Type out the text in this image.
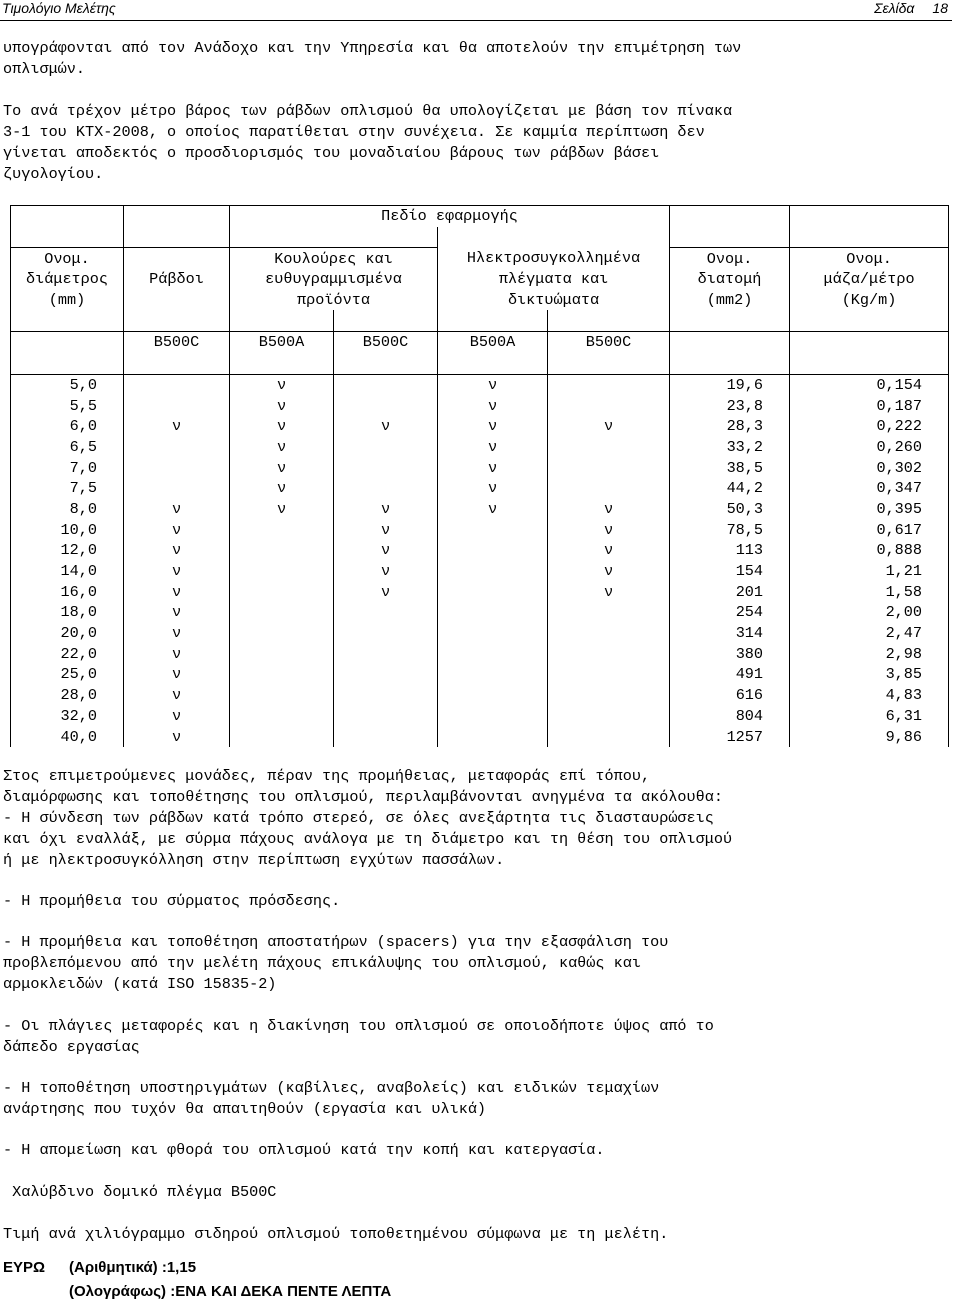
Τιμολόγιο Μελέτης	Σελίδα 18
υπογράφονται από τον Ανάδοχο και την Υπηρεσία και θα αποτελούν την επιμέτρηση των
οπλισμών.
Το ανά τρέχον μέτρο βάρος των ράβδων οπλισμού θα υπολογίζεται με βάση τον πίνακα
3-1 του ΚΤΧ-2008, ο οποίος παρατίθεται στην συνέχεια. Σε καμμία περίπτωση δεν
γίνεται αποδεκτός ο προσδιορισμός του μοναδιαίου βάρους των ράβδων βάσει
ζυγολογίου.
		Πεδίο εφαρμογής					

Ονομ.		Κουλούρες και		Ηλεκτροσυγκολλημένα		Ονομ.	Ονομ.
διάμετρος	Ράβδοι	ευθυγραμμισμένα		πλέγματα και		διατομή	μάζα/μέτρο
(mm)		προϊόντα		δικτυώματα		(mm2)	(Kg/m)

	B500C	B500A	B500C	B500A	B500C		

5,0		ν		ν		19,6	0,154
5,5		ν		ν		23,8	0,187
6,0	ν	ν	ν	ν	ν	28,3	0,222
6,5		ν		ν		33,2	0,260
7,0		ν		ν		38,5	0,302
7,5		ν		ν		44,2	0,347
8,0	ν	ν	ν	ν	ν	50,3	0,395
10,0	ν		ν		ν	78,5	0,617
12,0	ν		ν		ν	113	0,888
14,0	ν		ν		ν	154	1,21
16,0	ν		ν		ν	201	1,58
18,0	ν					254	2,00
20,0	ν					314	2,47
22,0	ν					380	2,98
25,0	ν					491	3,85
28,0	ν					616	4,83
32,0	ν					804	6,31
40,0	ν					1257	9,86
Στος επιμετρούμενες μονάδες, πέραν της προμήθειας, μεταφοράς επί τόπου,
διαμόρφωσης και τοποθέτησης του οπλισμού, περιλαμβάνονται ανηγμένα τα ακόλουθα:
- Η σύνδεση των ράβδων κατά τρόπο στερεό, σε όλες ανεξάρτητα τις διασταυρώσεις
και όχι εναλλάξ, με σύρμα πάχους ανάλογα με τη διάμετρο και τη θέση του οπλισμού
ή με ηλεκτροσυγκόλληση στην περίπτωση εγχύτων πασσάλων.
- Η προμήθεια του σύρματος πρόσδεσης.
- Η προμήθεια και τοποθέτηση αποστατήρων (spacers) για την εξασφάλιση του
προβλεπόμενου από την μελέτη πάχους επικάλυψης του οπλισμού, καθώς και
αρμοκλειδών (κατά ISO 15835-2)
- Οι πλάγιες μεταφορές και η διακίνηση του οπλισμού σε οποιοδήποτε ύψος από το
δάπεδο εργασίας
- Η τοποθέτηση υποστηριγμάτων (καβίλιες, αναβολείς) και ειδικών τεμαχίων
ανάρτησης που τυχόν θα απαιτηθούν (εργασία και υλικά)
- Η απομείωση και φθορά του οπλισμού κατά την κοπή και κατεργασία.
Χαλύβδινο δομικό πλέγμα B500C
Τιμή ανά χιλιόγραμμο σιδηρού οπλισμού τοποθετημένου σύμφωνα με τη μελέτη.
ΕΥΡΩ (Αριθμητικά) :1,15
(Ολογράφως) :ΕΝΑ ΚΑΙ ΔΕΚΑ ΠΕΝΤΕ ΛΕΠΤΑ
